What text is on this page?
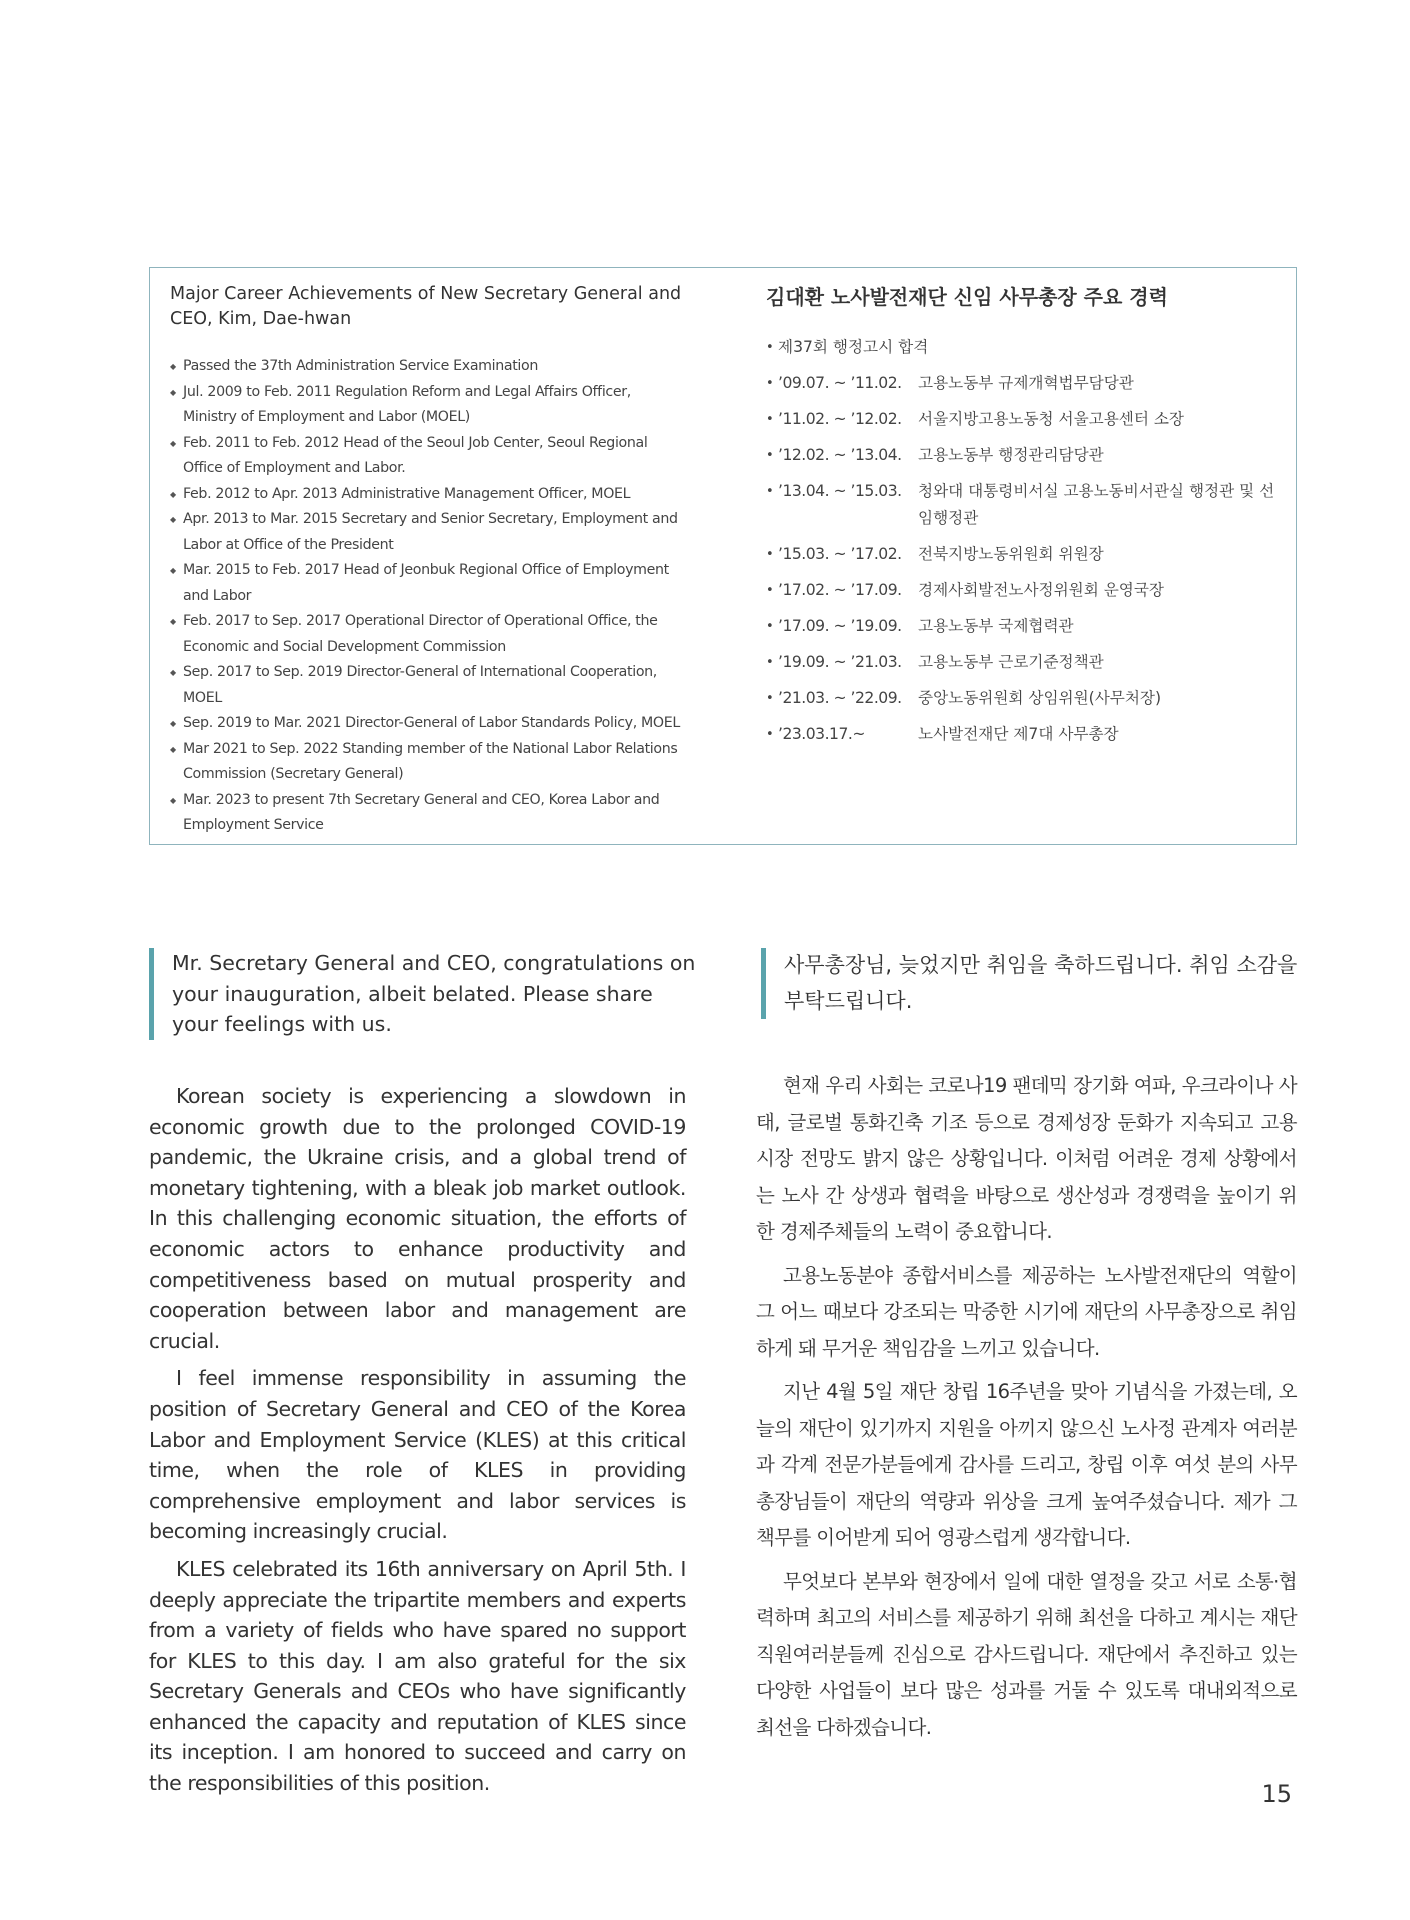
Major Career Achievements of New Secretary General and CEO, Kim, Dae-hwan
◆ Passed the 37th Administration Service Examination
◆ Jul. 2009 to Feb. 2011 Regulation Reform and Legal Affairs Officer, Ministry of Employment and Labor (MOEL)
◆ Feb. 2011 to Feb. 2012 Head of the Seoul Job Center, Seoul Regional Office of Employment and Labor.
◆ Feb. 2012 to Apr. 2013 Administrative Management Officer, MOEL
◆ Apr. 2013 to Mar. 2015 Secretary and Senior Secretary, Employment and Labor at Office of the President
◆ Mar. 2015 to Feb. 2017 Head of Jeonbuk Regional Office of Employment and Labor
◆ Feb. 2017 to Sep. 2017 Operational Director of Operational Office, the Economic and Social Development Commission
◆ Sep. 2017 to Sep. 2019 Director-General of International Cooperation, MOEL
◆ Sep. 2019 to Mar. 2021 Director-General of Labor Standards Policy, MOEL
◆ Mar 2021 to Sep. 2022 Standing member of the National Labor Relations Commission (Secretary General)
◆ Mar. 2023 to present 7th Secretary General and CEO, Korea Labor and Employment Service
김대환 노사발전재단 신임 사무총장 주요 경력
• 제37회 행정고시 합격
• ’09.07. ~ ’11.02.	고용노동부 규제개혁법무담당관
• ’11.02. ~ ’12.02.	서울지방고용노동청 서울고용센터 소장
• ’12.02. ~ ’13.04.	고용노동부 행정관리담당관
• ’13.04. ~ ’15.03.	청와대 대통령비서실 고용노동비서관실 행정관 및 선임행정관
• ’15.03. ~ ’17.02.	전북지방노동위원회 위원장
• ’17.02. ~ ’17.09.	경제사회발전노사정위원회 운영국장
• ’17.09. ~ ’19.09.	고용노동부 국제협력관
• ’19.09. ~ ’21.03.	고용노동부 근로기준정책관
• ’21.03. ~ ’22.09.	중앙노동위원회 상임위원(사무처장)
• ’23.03.17.~	노사발전재단 제7대 사무총장
Mr. Secretary General and CEO, congratulations on your inauguration, albeit belated. Please share your feelings with us.
사무총장님, 늦었지만 취임을 축하드립니다. 취임 소감을 부탁드립니다.

Korean society is experiencing a slowdown in economic growth due to the prolonged COVID-19 pandemic, the Ukraine crisis, and a global trend of monetary tightening, with a bleak job market outlook. In this challenging economic situation, the efforts of economic actors to enhance productivity and competitiveness based on mutual prosperity and cooperation between labor and management are crucial.

I feel immense responsibility in assuming the position of Secretary General and CEO of the Korea Labor and Employment Service (KLES) at this critical time, when the role of KLES in providing comprehensive employment and labor services is becoming increasingly crucial.

KLES celebrated its 16th anniversary on April 5th. I deeply appreciate the tripartite members and experts from a variety of fields who have spared no support for KLES to this day. I am also grateful for the six Secretary Generals and CEOs who have significantly enhanced the capacity and reputation of KLES since its inception. I am honored to succeed and carry on the responsibilities of this position.

현재 우리 사회는 코로나19 팬데믹 장기화 여파, 우크라이나 사태, 글로벌 통화긴축 기조 등으로 경제성장 둔화가 지속되고 고용시장 전망도 밝지 않은 상황입니다. 이처럼 어려운 경제 상황에서는 노사 간 상생과 협력을 바탕으로 생산성과 경쟁력을 높이기 위한 경제주체들의 노력이 중요합니다.

고용노동분야 종합서비스를 제공하는 노사발전재단의 역할이 그 어느 때보다 강조되는 막중한 시기에 재단의 사무총장으로 취임하게 돼 무거운 책임감을 느끼고 있습니다.

지난 4월 5일 재단 창립 16주년을 맞아 기념식을 가졌는데, 오늘의 재단이 있기까지 지원을 아끼지 않으신 노사정 관계자 여러분과 각계 전문가분들에게 감사를 드리고, 창립 이후 여섯 분의 사무총장님들이 재단의 역량과 위상을 크게 높여주셨습니다. 제가 그 책무를 이어받게 되어 영광스럽게 생각합니다.

무엇보다 본부와 현장에서 일에 대한 열정을 갖고 서로 소통·협력하며 최고의 서비스를 제공하기 위해 최선을 다하고 계시는 재단 직원여러분들께 진심으로 감사드립니다. 재단에서 추진하고 있는 다양한 사업들이 보다 많은 성과를 거둘 수 있도록 대내외적으로 최선을 다하겠습니다.

15
